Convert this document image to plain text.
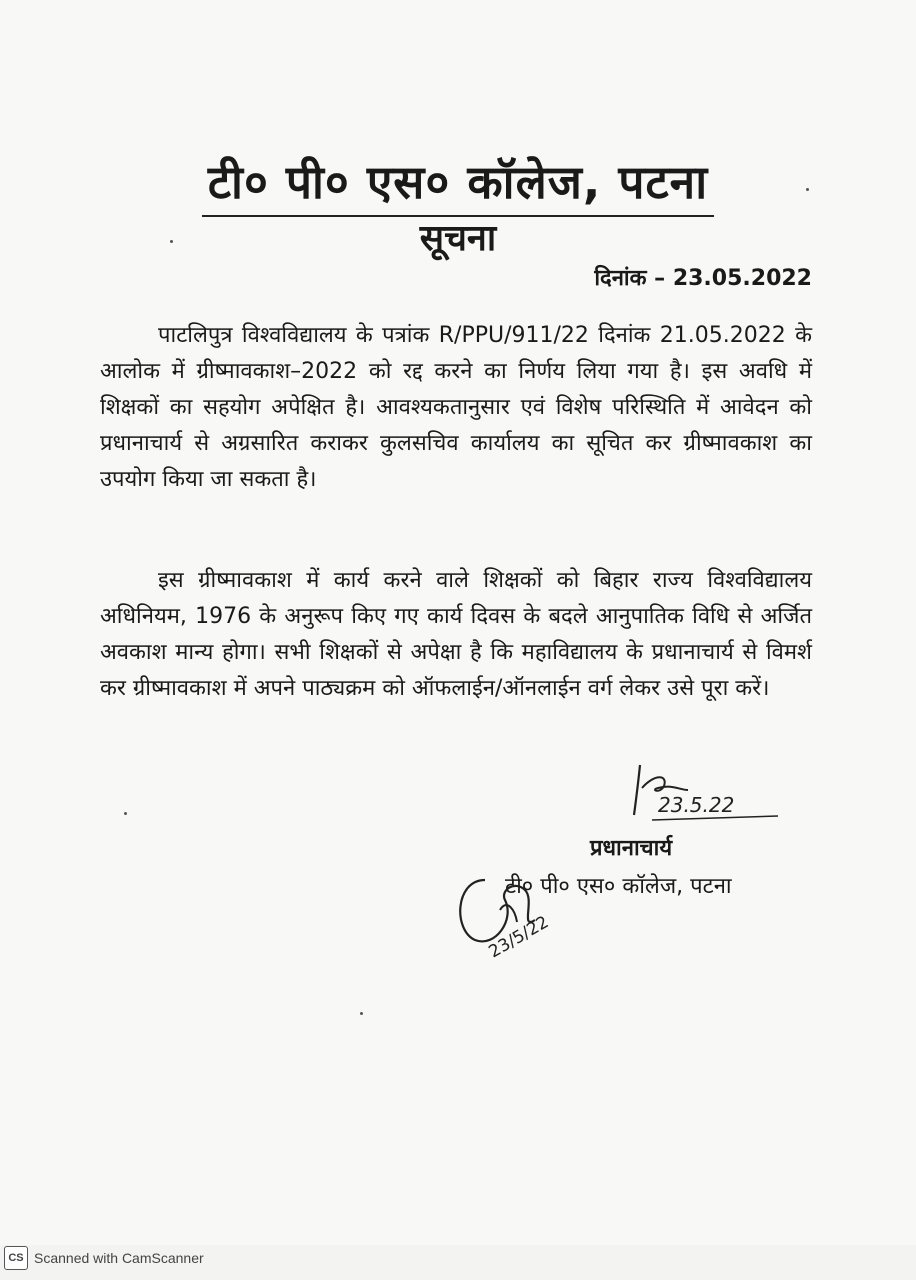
टी० पी० एस० कॉलेज, पटना
सूचना
दिनांक – 23.05.2022
पाटलिपुत्र विश्वविद्यालय के पत्रांक R/PPU/911/22 दिनांक 21.05.2022 के आलोक में ग्रीष्मावकाश–2022 को रद्द करने का निर्णय लिया गया है। इस अवधि में शिक्षकों का सहयोग अपेक्षित है। आवश्यकतानुसार एवं विशेष परिस्थिति में आवेदन को प्रधानाचार्य से अग्रसारित कराकर कुलसचिव कार्यालय का सूचित कर ग्रीष्मावकाश का उपयोग किया जा सकता है।
इस ग्रीष्मावकाश में कार्य करने वाले शिक्षकों को बिहार राज्य विश्वविद्यालय अधिनियम, 1976 के अनुरूप किए गए कार्य दिवस के बदले आनुपातिक विधि से अर्जित अवकाश मान्य होगा। सभी शिक्षकों से अपेक्षा है कि महाविद्यालय के प्रधानाचार्य से विमर्श कर ग्रीष्मावकाश में अपने पाठ्यक्रम को ऑफलाईन/ऑनलाईन वर्ग लेकर उसे पूरा करें।
23.5.22
प्रधानाचार्य
टी० पी० एस० कॉलेज, पटना
23/5/22
CS Scanned with CamScanner
